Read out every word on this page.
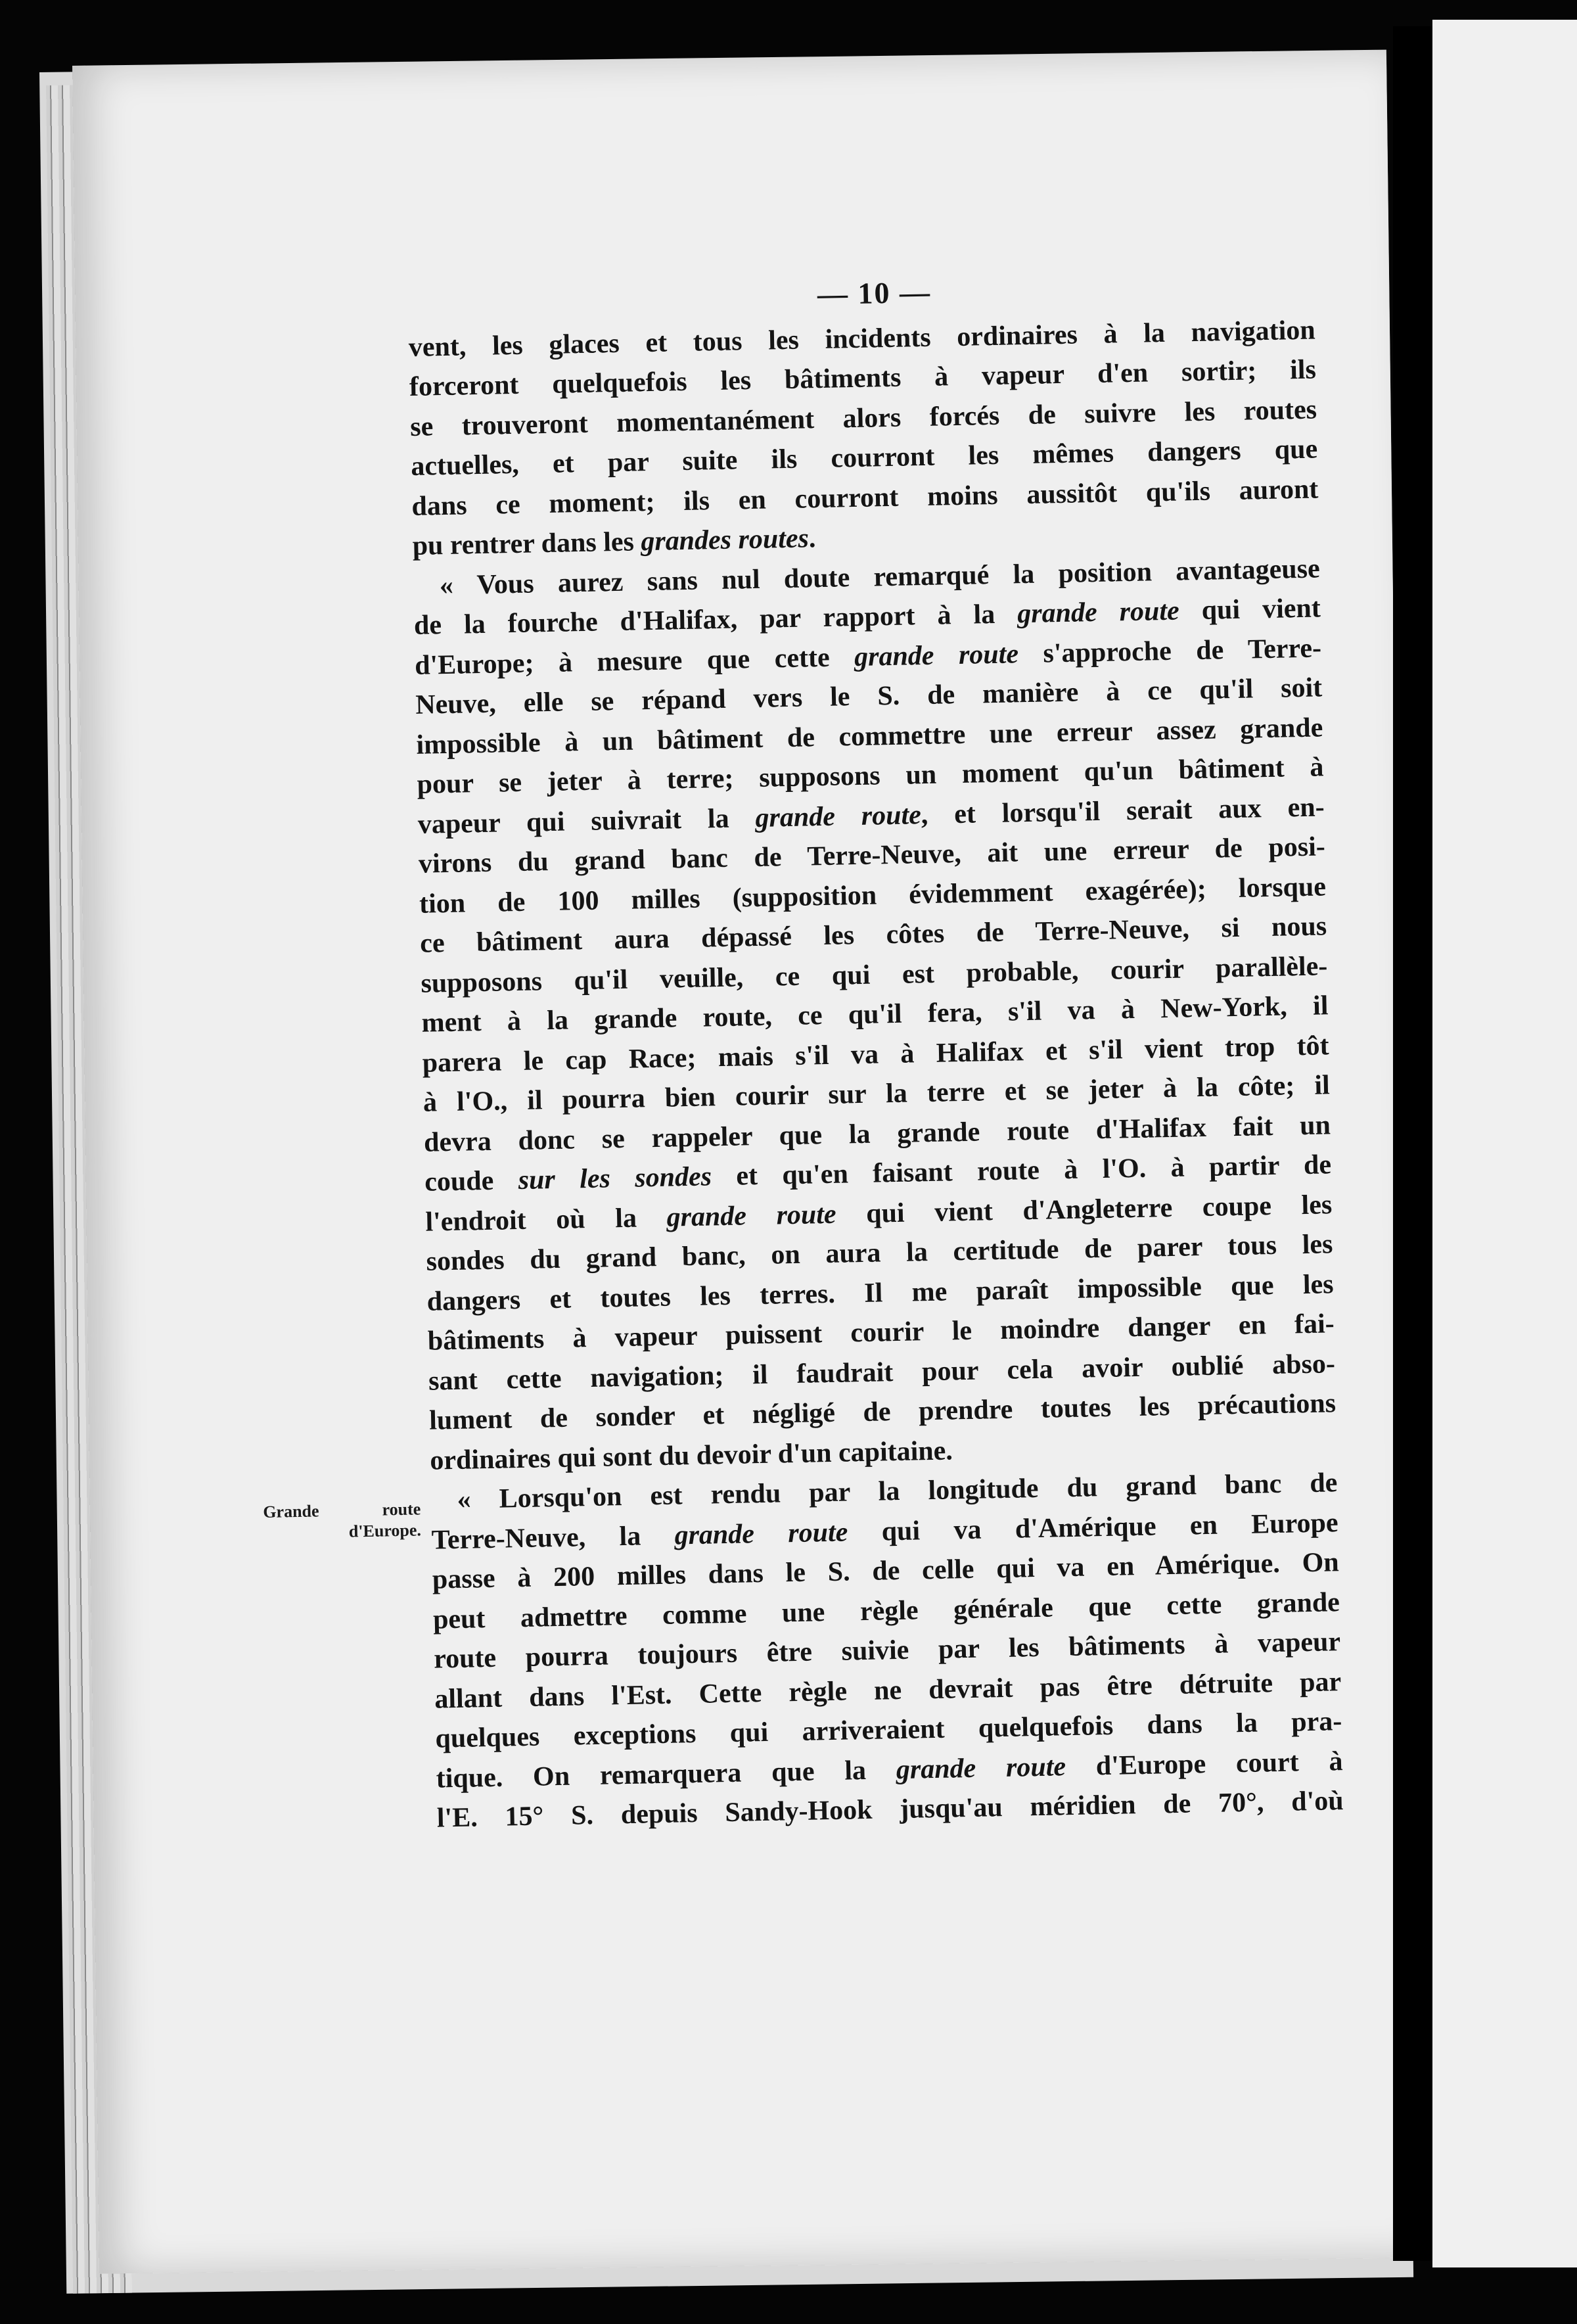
Grande route
d'Europe.
— 10 —
vent, les glaces et tous les incidents ordinaires à la navigation
forceront quelquefois les bâtiments à vapeur d'en sortir; ils
se trouveront momentanément alors forcés de suivre les routes
actuelles, et par suite ils courront les mêmes dangers que
dans ce moment; ils en courront moins aussitôt qu'ils auront
pu rentrer dans les grandes routes.
« Vous aurez sans nul doute remarqué la position avantageuse
de la fourche d'Halifax, par rapport à la grande route qui vient
d'Europe; à mesure que cette grande route s'approche de Terre-
Neuve, elle se répand vers le S. de manière à ce qu'il soit
impossible à un bâtiment de commettre une erreur assez grande
pour se jeter à terre; supposons un moment qu'un bâtiment à
vapeur qui suivrait la grande route, et lorsqu'il serait aux en-
virons du grand banc de Terre-Neuve, ait une erreur de posi-
tion de 100 milles (supposition évidemment exagérée); lorsque
ce bâtiment aura dépassé les côtes de Terre-Neuve, si nous
supposons qu'il veuille, ce qui est probable, courir parallèle-
ment à la grande route, ce qu'il fera, s'il va à New-York, il
parera le cap Race; mais s'il va à Halifax et s'il vient trop tôt
à l'O., il pourra bien courir sur la terre et se jeter à la côte; il
devra donc se rappeler que la grande route d'Halifax fait un
coude sur les sondes et qu'en faisant route à l'O. à partir de
l'endroit où la grande route qui vient d'Angleterre coupe les
sondes du grand banc, on aura la certitude de parer tous les
dangers et toutes les terres. Il me paraît impossible que les
bâtiments à vapeur puissent courir le moindre danger en fai-
sant cette navigation; il faudrait pour cela avoir oublié abso-
lument de sonder et négligé de prendre toutes les précautions
ordinaires qui sont du devoir d'un capitaine.
« Lorsqu'on est rendu par la longitude du grand banc de
Terre-Neuve, la grande route qui va d'Amérique en Europe
passe à 200 milles dans le S. de celle qui va en Amérique. On
peut admettre comme une règle générale que cette grande
route pourra toujours être suivie par les bâtiments à vapeur
allant dans l'Est. Cette règle ne devrait pas être détruite par
quelques exceptions qui arriveraient quelquefois dans la pra-
tique. On remarquera que la grande route d'Europe court à
l'E. 15° S. depuis Sandy-Hook jusqu'au méridien de 70°, d'où
